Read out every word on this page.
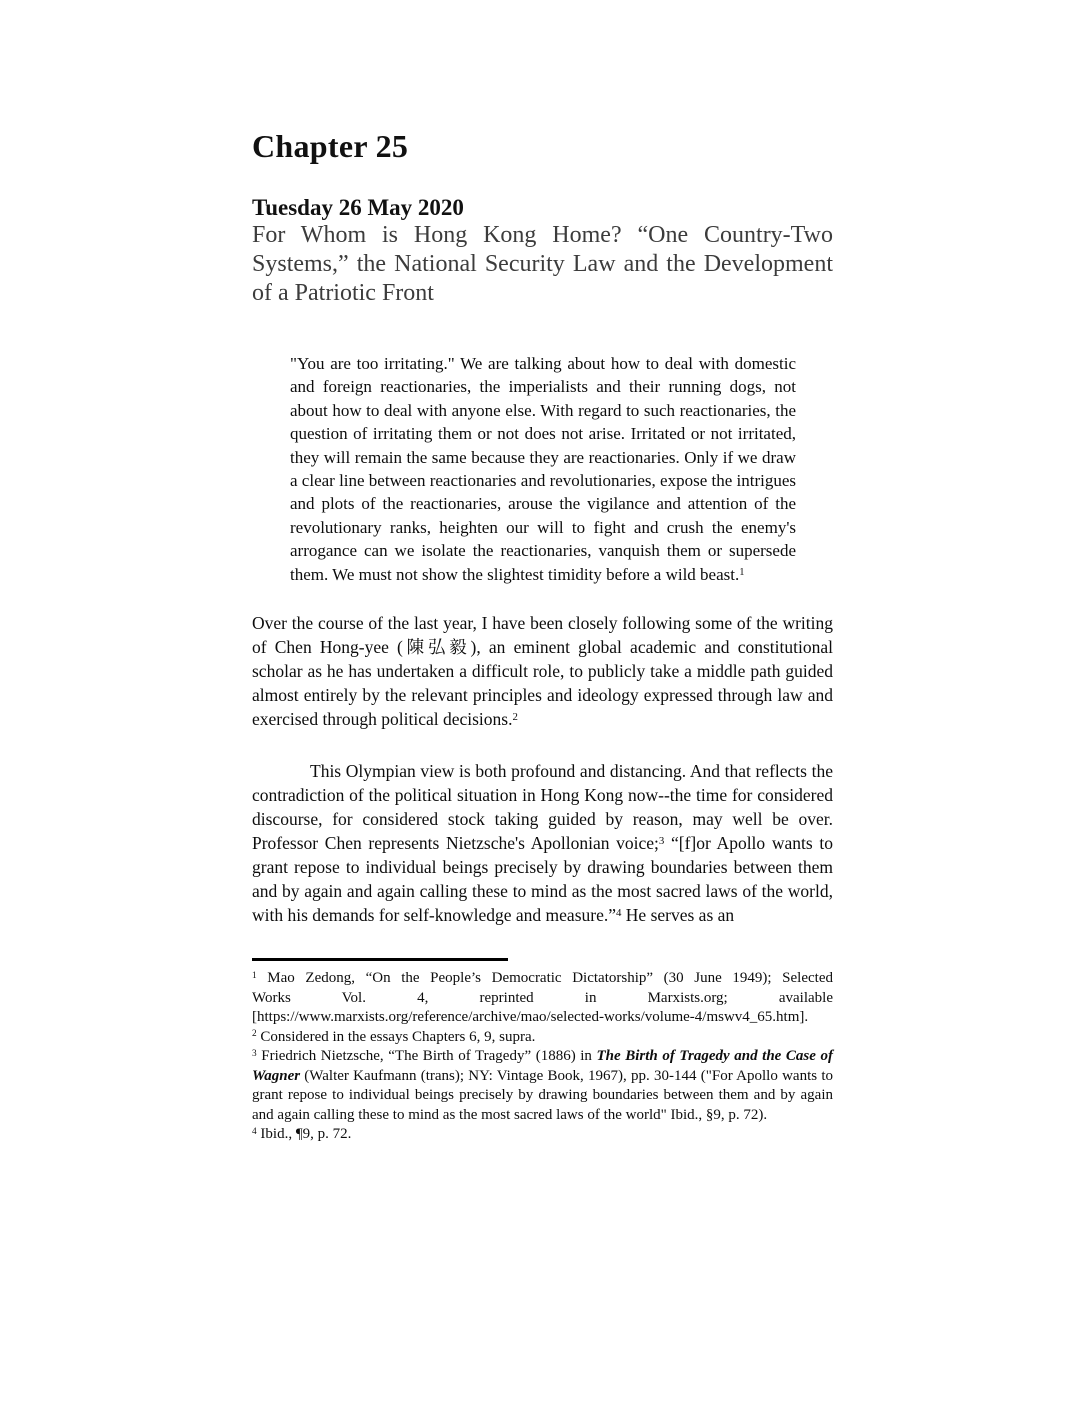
Chapter 25
Tuesday 26 May 2020
For Whom is Hong Kong Home? “One Country-Two Systems,” the National Security Law and the Development of a Patriotic Front
"You are too irritating." We are talking about how to deal with domestic and foreign reactionaries, the imperialists and their running dogs, not about how to deal with anyone else. With regard to such reactionaries, the question of irritating them or not does not arise. Irritated or not irritated, they will remain the same because they are reactionaries. Only if we draw a clear line between reactionaries and revolutionaries, expose the intrigues and plots of the reactionaries, arouse the vigilance and attention of the revolutionary ranks, heighten our will to fight and crush the enemy's arrogance can we isolate the reactionaries, vanquish them or supersede them. We must not show the slightest timidity before a wild beast.$^1$

Over the course of the last year, I have been closely following some of the writing of Chen Hong-yee (陳弘毅), an eminent global academic and constitutional scholar as he has undertaken a difficult role, to publicly take a middle path guided almost entirely by the relevant principles and ideology expressed through law and exercised through political decisions.$^2$

This Olympian view is both profound and distancing. And that reflects the contradiction of the political situation in Hong Kong now--the time for considered discourse, for considered stock taking guided by reason, may well be over. Professor Chen represents Nietzsche's Apollonian voice;$^3$ “[f]or Apollo wants to grant repose to individual beings precisely by drawing boundaries between them and by again and again calling these to mind as the most sacred laws of the world, with his demands for self-knowledge and measure.”$^4$ He serves as an

$^1$ Mao Zedong, “On the People’s Democratic Dictatorship” (30 June 1949); SelectedWorks Vol. 4, reprinted in Marxists.org; available[https://www.marxists.org/reference/archive/mao/selected-works/volume-4/mswv4_65.htm].

$^2$ Considered in the essays Chapters 6, 9, supra.

$^3$ Friedrich Nietzsche, “The Birth of Tragedy” (1886) in The Birth of Tragedy and the Case of Wagner (Walter Kaufmann (trans); NY: Vintage Book, 1967), pp. 30-144 ("For Apollo wants to grant repose to individual beings precisely by drawing boundaries between them and by again and again calling these to mind as the most sacred laws of the world" Ibid., §9, p. 72).

$^4$ Ibid., ¶9, p. 72.
